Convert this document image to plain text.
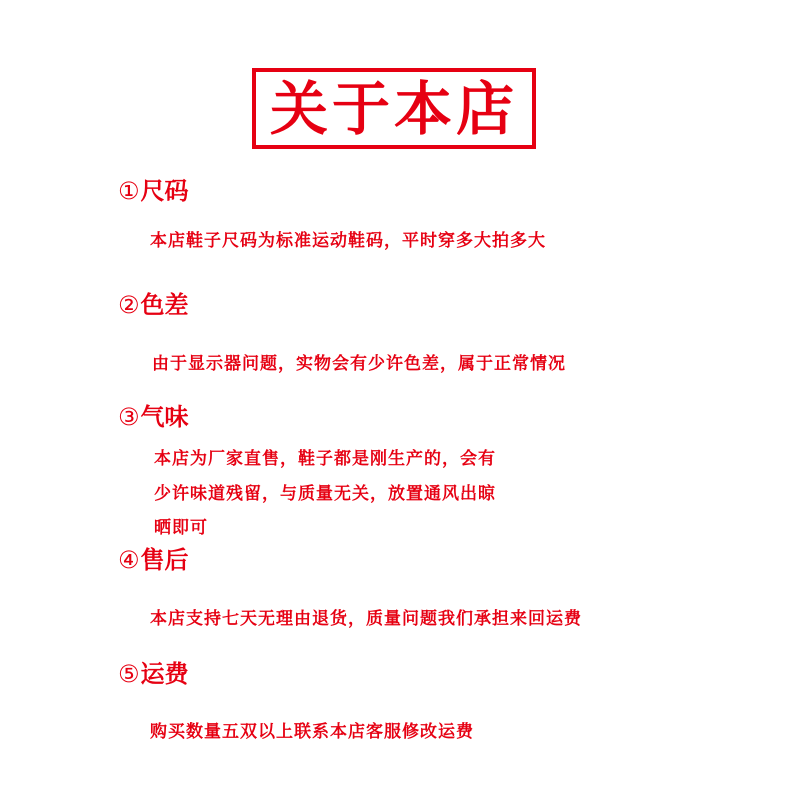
关于本店
① 尺码
本店鞋子尺码为标准运动鞋码，平时穿多大拍多大
② 色差
由于显示器问题，实物会有少许色差，属于正常情况
③ 气味
本店为厂家直售，鞋子都是刚生产的，会有
少许味道残留，与质量无关，放置通风出晾
晒即可
④ 售后
本店支持七天无理由退货，质量问题我们承担来回运费
⑤ 运费
购买数量五双以上联系本店客服修改运费
